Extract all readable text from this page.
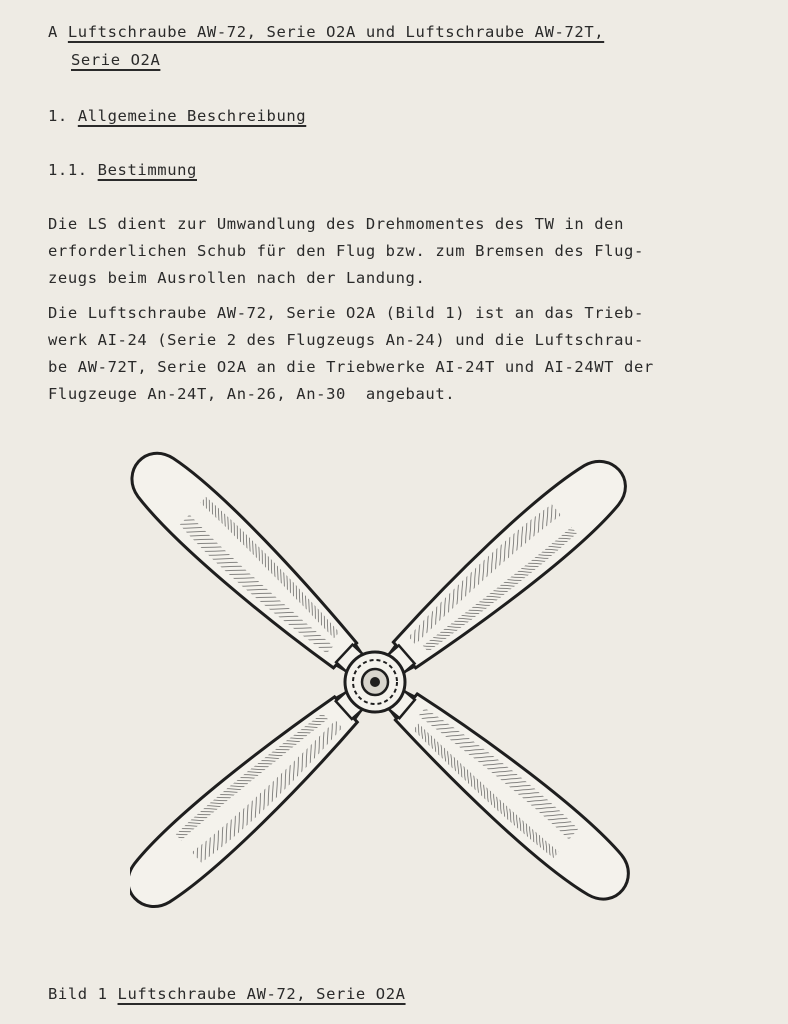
A Luftschraube AW-72, Serie O2A und Luftschraube AW-72T,
Serie O2A
1. Allgemeine Beschreibung
1.1. Bestimmung
Die LS dient zur Umwandlung des Drehmomentes des TW in den
erforderlichen Schub für den Flug bzw. zum Bremsen des Flug-
zeugs beim Ausrollen nach der Landung.
Die Luftschraube AW-72, Serie O2A (Bild 1) ist an das Trieb-
werk AI-24 (Serie 2 des Flugzeugs An-24) und die Luftschrau-
be AW-72T, Serie O2A an die Triebwerke AI-24T und AI-24WT der
Flugzeuge An-24T, An-26, An-30  angebaut.
Bild 1 Luftschraube AW-72, Serie O2A
